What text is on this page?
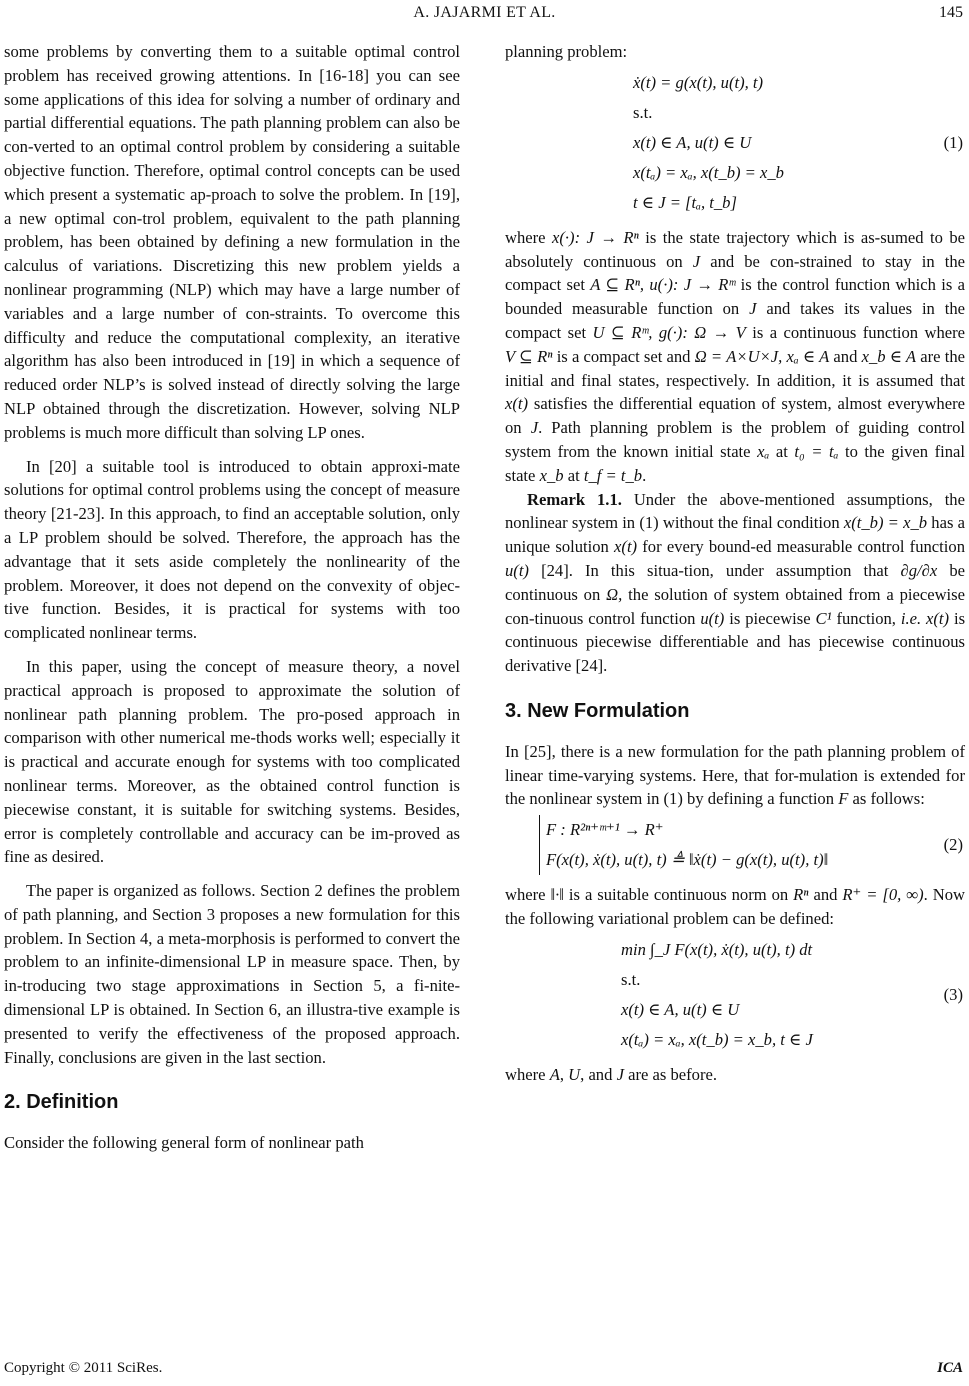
A. JAJARMI ET AL.	145

some problems by converting them to a suitable optimal control problem has received growing attentions. In [16-18] you can see some applications of this idea for solving a number of ordinary and partial differential equations. The path planning problem can also be con-verted to an optimal control problem by considering a suitable objective function. Therefore, optimal control concepts can be used which present a systematic ap-proach to solve the problem. In [19], a new optimal con-trol problem, equivalent to the path planning problem, has been obtained by defining a new formulation in the calculus of variations. Discretizing this new problem yields a nonlinear programming (NLP) which may have a large number of variables and a large number of con-straints. To overcome this difficulty and reduce the computational complexity, an iterative algorithm has also been introduced in [19] in which a sequence of reduced order NLP’s is solved instead of directly solving the large NLP obtained through the discretization. However, solving NLP problems is much more difficult than solving LP ones.

In [20] a suitable tool is introduced to obtain approxi-mate solutions for optimal control problems using the concept of measure theory [21-23]. In this approach, to find an acceptable solution, only a LP problem should be solved. Therefore, the approach has the advantage that it sets aside completely the nonlinearity of the problem. Moreover, it does not depend on the convexity of objec-tive function. Besides, it is practical for systems with too complicated nonlinear terms.

In this paper, using the concept of measure theory, a novel practical approach is proposed to approximate the solution of nonlinear path planning problem. The pro-posed approach in comparison with other numerical me-thods works well; especially it is practical and accurate enough for systems with too complicated nonlinear terms. Moreover, as the obtained control function is piecewise constant, it is suitable for switching systems. Besides, error is completely controllable and accuracy can be im-proved as fine as desired.

The paper is organized as follows. Section 2 defines the problem of path planning, and Section 3 proposes a new formulation for this problem. In Section 4, a meta-morphosis is performed to convert the problem to an infinite-dimensional LP in measure space. Then, by in-troducing two stage approximations in Section 5, a fi-nite-dimensional LP is obtained. In Section 6, an illustra-tive example is presented to verify the effectiveness of the proposed approach. Finally, conclusions are given in the last section.

2. Definition

Consider the following general form of nonlinear path

planning problem:

ẋ(t) = g(x(t), u(t), t)
s.t.
x(t) ∈ A, u(t) ∈ U
x(tₐ) = xₐ, x(t_b) = x_b
t ∈ J = [tₐ, t_b]
(1)

where x(·): J → Rⁿ is the state trajectory which is as-sumed to be absolutely continuous on J and be con-strained to stay in the compact set A ⊆ Rⁿ, u(·): J → Rᵐ is the control function which is a bounded measurable function on J and takes its values in the compact set U ⊆ Rᵐ, g(·): Ω → V is a continuous function where V ⊆ Rⁿ is a compact set and Ω = A×U×J, xₐ ∈ A and x_b ∈ A are the initial and final states, respectively. In addition, it is assumed that x(t) satisfies the differential equation of system, almost everywhere on J. Path planning problem is the problem of guiding control system from the known initial state xₐ at t₀ = tₐ to the given final state x_b at t_f = t_b.

Remark 1.1. Under the above-mentioned assumptions, the nonlinear system in (1) without the final condition x(t_b) = x_b has a unique solution x(t) for every bound-ed measurable control function u(t) [24]. In this situa-tion, under assumption that ∂g/∂x be continuous on Ω, the solution of system obtained from a piecewise con-tinuous control function u(t) is piecewise C¹ function, i.e. x(t) is continuous piecewise differentiable and has piecewise continuous derivative [24].

3. New Formulation

In [25], there is a new formulation for the path planning problem of linear time-varying systems. Here, that for-mulation is extended for the nonlinear system in (1) by defining a function F as follows:

F : R²ⁿ⁺ᵐ⁺¹ → R⁺
F(x(t), ẋ(t), u(t), t) ≜ ‖ẋ(t) − g(x(t), u(t), t)‖
(2)

where ‖·‖ is a suitable continuous norm on Rⁿ and R⁺ = [0, ∞). Now the following variational problem can be defined:

min ∫_J F(x(t), ẋ(t), u(t), t) dt
s.t.
x(t) ∈ A, u(t) ∈ U
x(tₐ) = xₐ, x(t_b) = x_b, t ∈ J
(3)

where A, U, and J are as before.

Copyright © 2011 SciRes.	ICA
